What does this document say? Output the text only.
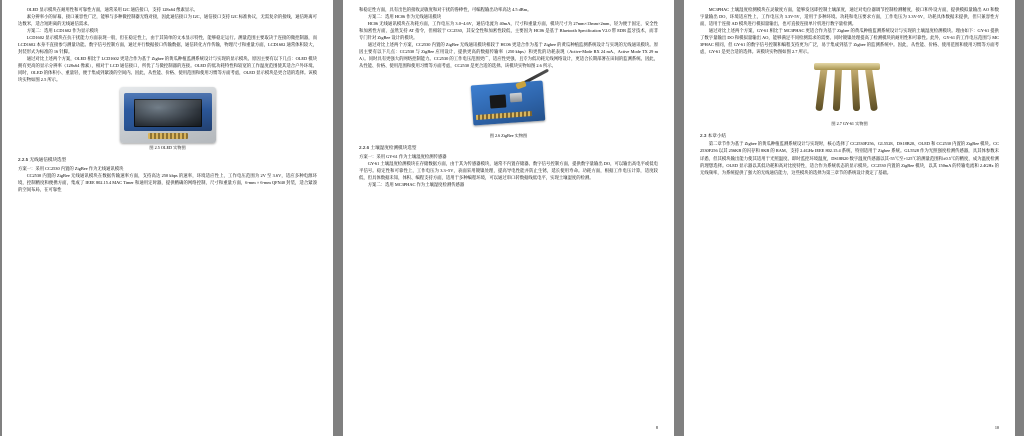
OLED 显示模块在耐用性和可靠性方面，通常采用 I2C 通信接口，支持 128x64 像素显示。

素分辨率小的屏幕，接口兼容性广泛，能够与多种微控制器无缝对接，因此通信接口为 I2C，通信接口支持 I2C 标准协议，无需复杂的接线，通信距离可达数米，适合短距离的无线通信需求。

方案二：选用 LCD1602 作为显示模块

LCD1602 显示模块在抗干扰能力方面表现一般，但在稳定性上，由于其简单的文本显示特性，能够稳定运行。测量范围主要取决于连接的微控制器，而 LCD1602 本身不直接参与测量功能。数字信号控制方面，通过并行数据接口传输数据，通信转化方作传输，物理尺寸和重量方面，LCD1602 通常体积较大，封装形式为标准的 16 针脚。

通过对比上述两个方案，OLED 相比于 LCD1602 更适合作为基于 Zigbee 的黄瓜种植监测系统设计与实现的显示模块。原因主要有以下几点：OLED 模块拥有更高的显示分辨率（128x64 像素），相对于 LCD 通信接口，所优了与微控制器的连接。OLED 的低功耗特性和较宽的工作温度范围使其适合户外环境。同时，OLED 的体积小、重量轻，便于集成到紧凑的空间内。因此，从性能、价格、使用范围和使用习惯等方面考虑，OLED 显示模块是更合适的选择。该模块实物如图 2.5 所示。

图 2.5 OLED 实物图
2.2.5 无线通信模块选型

方案一：采用 CC2530 内置的 ZigBee 作为无线通讯模块

CC2530 内置的 ZigBee 无线通讯模块在数据传输速率方面，支持高达 250 kbps 的速率，环境适应性上，工作电压范围为 2V 至 3.6V，适应多种电源环境，控制精度和便携方面，集成了 IEEE 802.15.4 MAC Timer 和通用定时器，提供精确的网络控制，尺寸和重量方面，6-mm × 6-mm QFN40 封装，适合紧凑的空间布局，在可靠性

和稳定性方面，具有出色的接收灵敏度和对干扰的鲁棒性，可编程输出功率高达 4.5 dBm。

方案二：选用 HC06 作为无线通讯模块

HC06 无线通讯模块在功耗方面，工作电压为 3.0~4.6V，通信电流为 40mA，尺寸和重量方面，模块尺寸为 27mm×13mm×2mm，轻为便于固定，安全性和加密性方面，虽然支持 AT 指令，但相较于 CC2530，其安全性和加密性较低，主要因为 HC06 是基于 Bluetooth Specification V2.0 带 EDR 蓝牙技术，而非专门针对 ZigBee 设计的模块。

通过对比上述两个方案，CC2530 内置的 ZigBee 无线通讯模块相较于 HC06 更适合作为基于 Zigbee 的黄瓜种植监测系统设计与实现的无线通讯模块。原因主要有以下几点：CC2530 与 ZigBee 应用设计，提供更高的数据传输率（250 kbps）和更优的功耗表现（Active-Mode RX 24 mA、Active Mode TX 29 mA）。同时具有更强大的网络控制能力。CC2530 的工作电压范围更广，适应性更强，且专为低功耗无线网络设计，更适合长期部署在田间的监测系统。因此，从性能、价格、使用范围和使用习惯等方面考虑，CC2530 是更合适的选择。该模块实物如图 2.6 所示。

图 2.6 ZigBee 实物图
2.2.6 土壤湿度检测模块选型

方案一：采用 GY-61 作为土壤湿度检测传感器

GY-61 土壤湿度检测模块在存储数据方面，由于其为传感器模块，通常不内置存储器。数字信号控制方面，提供数字量输出 DO，可以输出高电平或低电平信号。稳定性和可靠性上，工作电压为 3.3~5V，表面采用镀镍处理，提高导电性能并防止生锈，延长使用寿命。功耗方面，根据工作电压计算，适度较低，但具体数据未知，体积、编程支持方面，适用于多种编程环境，可以通过串口转数据线低电平，实现土壤湿度的检测。

方案二：选用 MC3PHAC 作为土壤湿度检测传感器

8

MC3PHAC 土壤湿度检测模块在灵敏度方面，能够发送即控制土壤深度，通过对电位器调节控制检测精度，接口和外设方面，提供模拟量输出 AO 和数字量输出 DO，环境适应性上，工作电压为 3.3V-5V，适用于多种环境。功耗和电压要求方面，工作电压为 3.3V-5V，功耗具体数据未提供，但只兼容性方面，适用于连接 AD 模块进行模拟量输出，也可直接连接单片机进行数字量检测。

通过对比上述两个方案，GY-61 相比于 MC3PHAC 更适合作为基于 Zigbee 的黄瓜种植监测系统设计与实现的土壤湿度检测模块。理由如下：GY-61 提供了数字量输出 DO 和模拟量输出 AO，能够满足不同检测需求的需要。同时镀镍处理提高了检测模块的耐用性和可靠性。此外，GY-61 的工作电压范围与 MC3PHAC 相同，但 GY-61 的数字信号控制和编程支持更为广泛，易于集成到基于 Zigbee 的监测系统中。因此，从性能、价格、使用范围和使用习惯等方面考虑，GY-61 是更合适的选择。该模块实物图如图 2.7 所示。

图 2.7 GY-61 实物图
2.3 本章小结

第二章节作为基于 Zigbee 的黄瓜种植监测系统设计与实现时，核心选择了 CC2530F256、GL5528、DS18B20、OLED 和 CC2530 内置的 ZigBee 模块。CC2530F256 以其 256KB 的闪存和 8KB 的 RAM、支持 2.4GHz IEEE 802.15.4 系统，特别适用于 Zigbee 系统。GL5528 作为光照强度检测传感器，具其体参数未详悉，但其模块输出能力使其适用于光照温度、即时监控环境温度，DS18B20 数字温度传感器以其-55℃至+125℃的测量范围和±0.5℃的精度，成为温度检测的理想选择。OLED 显示器以其低功耗和高对比度特性，适合作为系统状态的显示模块。CC2530 内置的 ZigBee 模块，以其 150mA 的传输电流和 2.4GHz 的无线频率，为系统提供了强大的无线通信能力，这些模块的选择为第三章节的系统设计奠定了基础。

10
